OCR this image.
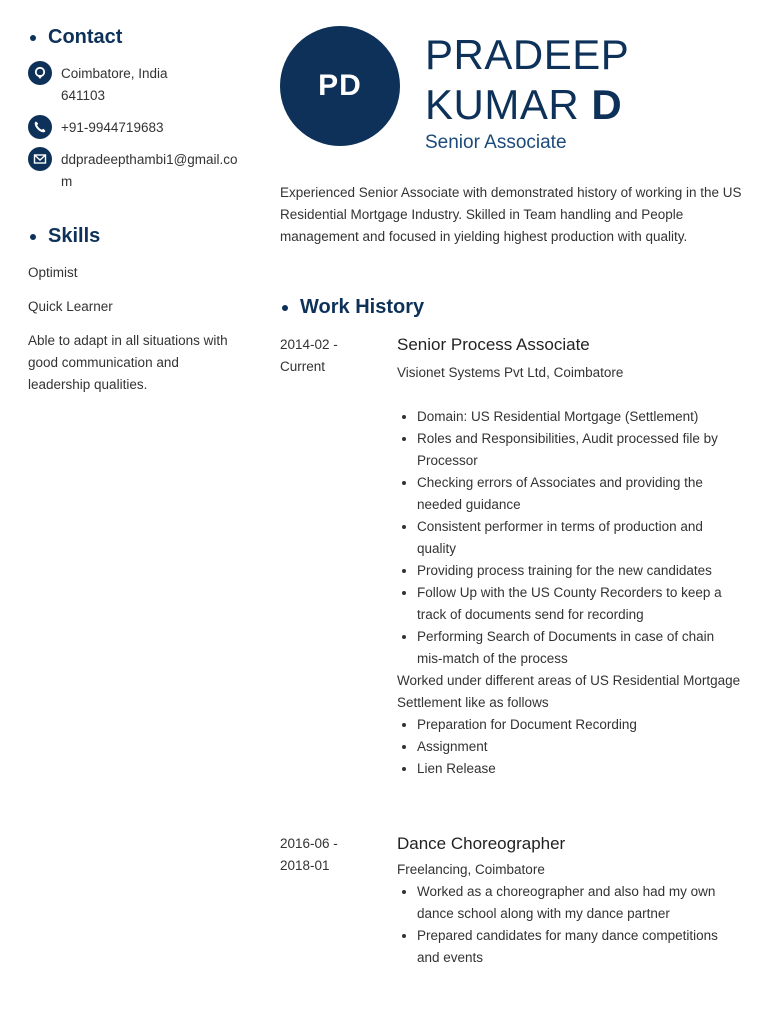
Contact
Coimbatore, India
641103
+91-9944719683
ddpradeepthambi1@gmail.com
Skills
Optimist
Quick Learner
Able to adapt in all situations with good communication and leadership qualities.
PD
PRADEEP
KUMAR D
Senior Associate
Experienced Senior Associate with demonstrated history of working in the US Residential Mortgage Industry. Skilled in Team handling and People management and focused in yielding highest production with quality.
Work History
2014-02 -
Current
Senior Process Associate
Visionet Systems Pvt Ltd, Coimbatore
• Domain: US Residential Mortgage (Settlement)
• Roles and Responsibilities, Audit processed file by Processor
• Checking errors of Associates and providing the needed guidance
• Consistent performer in terms of production and quality
• Providing process training for the new candidates
• Follow Up with the US County Recorders to keep a track of documents send for recording
• Performing Search of Documents in case of chain mis-match of the process

Worked under different areas of US Residential Mortgage Settlement like as follows

• Preparation for Document Recording
• Assignment
• Lien Release
2016-06 -
2018-01
Dance Choreographer
Freelancing, Coimbatore
• Worked as a choreographer and also had my own dance school along with my dance partner
• Prepared candidates for many dance competitions and events
